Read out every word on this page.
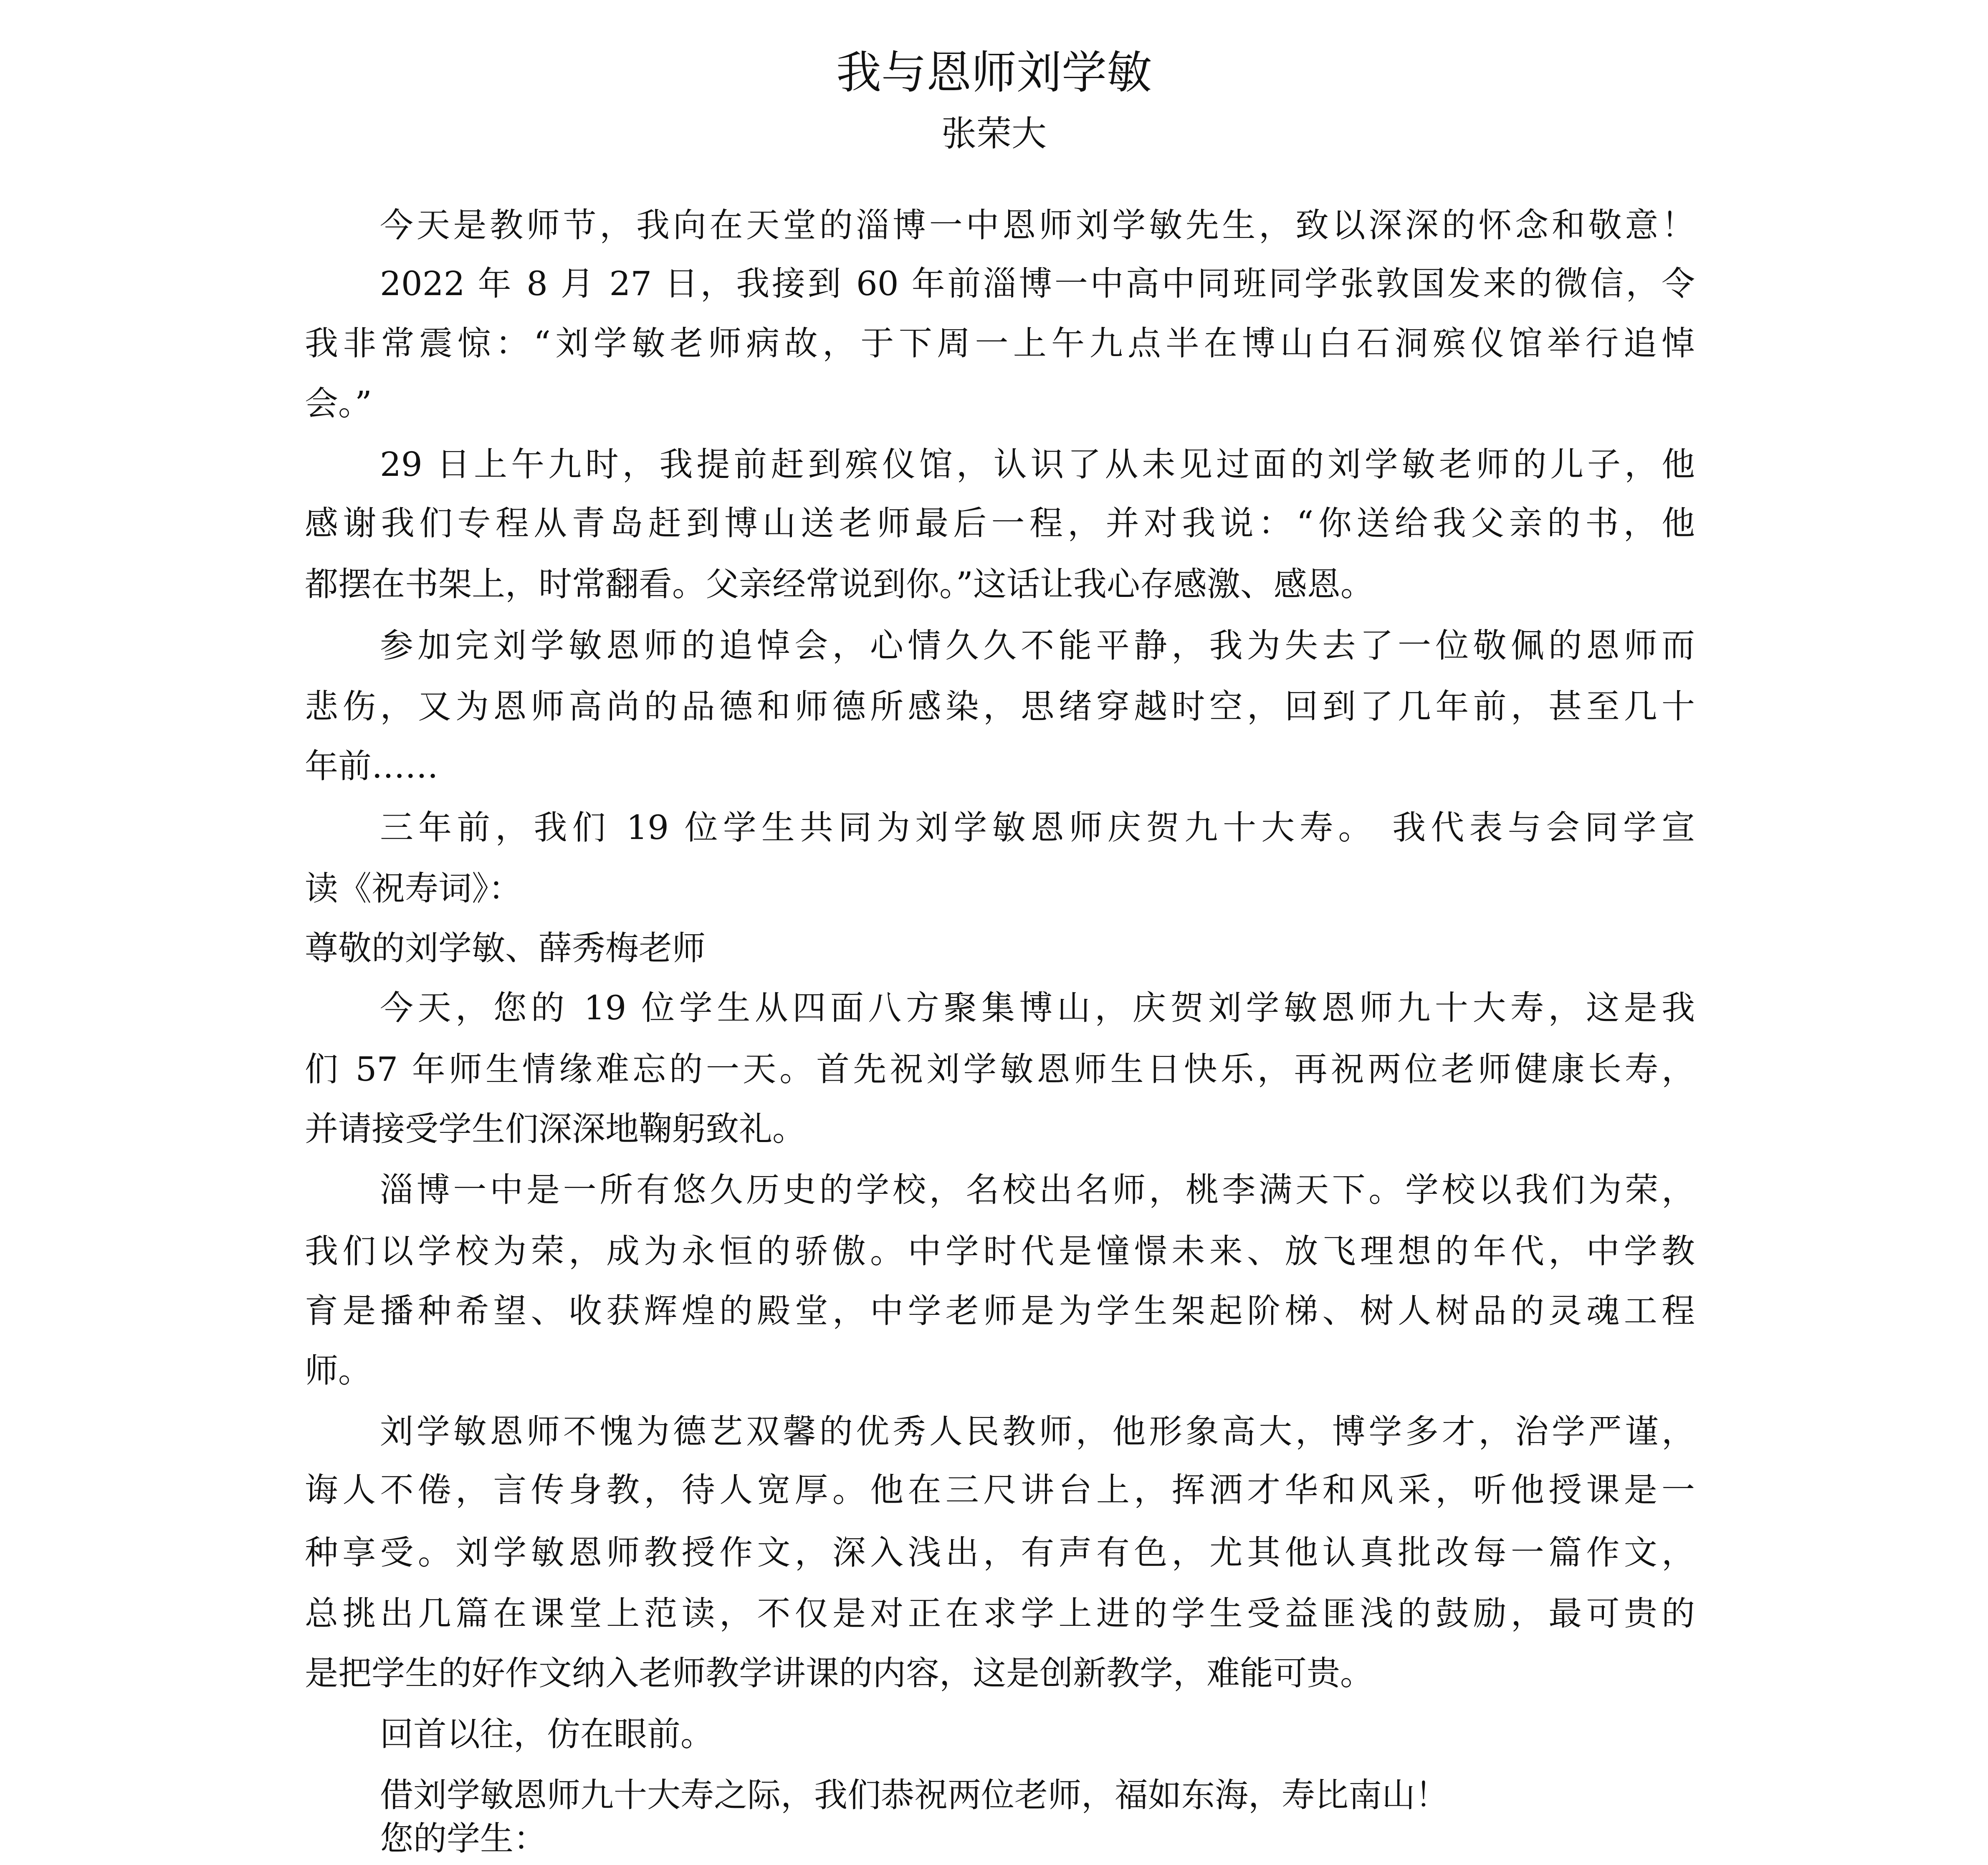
我与恩师刘学敏
张荣大
今天是教师节，我向在天堂的淄博一中恩师刘学敏先生，致以深深的怀念和敬意！
2022 年 8 月 27 日，我接到 60 年前淄博一中高中同班同学张敦国发来的微信，令
我非常震惊：“刘学敏老师病故，于下周一上午九点半在博山白石洞殡仪馆举行追悼
会。”
29 日上午九时，我提前赶到殡仪馆，认识了从未见过面的刘学敏老师的儿子，他
感谢我们专程从青岛赶到博山送老师最后一程，并对我说：“你送给我父亲的书，他
都摆在书架上，时常翻看。父亲经常说到你。”这话让我心存感激、感恩。
参加完刘学敏恩师的追悼会，心情久久不能平静，我为失去了一位敬佩的恩师而
悲伤，又为恩师高尚的品德和师德所感染，思绪穿越时空，回到了几年前，甚至几十
年前……
三年前，我们 19 位学生共同为刘学敏恩师庆贺九十大寿。 我代表与会同学宣
读《祝寿词》：
尊敬的刘学敏、薛秀梅老师
今天，您的 19 位学生从四面八方聚集博山，庆贺刘学敏恩师九十大寿，这是我
们 57 年师生情缘难忘的一天。首先祝刘学敏恩师生日快乐，再祝两位老师健康长寿，
并请接受学生们深深地鞠躬致礼。
淄博一中是一所有悠久历史的学校，名校出名师，桃李满天下。学校以我们为荣，
我们以学校为荣，成为永恒的骄傲。中学时代是憧憬未来、放飞理想的年代，中学教
育是播种希望、收获辉煌的殿堂，中学老师是为学生架起阶梯、树人树品的灵魂工程
师。
刘学敏恩师不愧为德艺双馨的优秀人民教师，他形象高大，博学多才，治学严谨，
诲人不倦，言传身教，待人宽厚。他在三尺讲台上，挥洒才华和风采，听他授课是一
种享受。刘学敏恩师教授作文，深入浅出，有声有色，尤其他认真批改每一篇作文，
总挑出几篇在课堂上范读，不仅是对正在求学上进的学生受益匪浅的鼓励，最可贵的
是把学生的好作文纳入老师教学讲课的内容，这是创新教学，难能可贵。
回首以往，仿在眼前。
借刘学敏恩师九十大寿之际，我们恭祝两位老师，福如东海，寿比南山！
您的学生：
